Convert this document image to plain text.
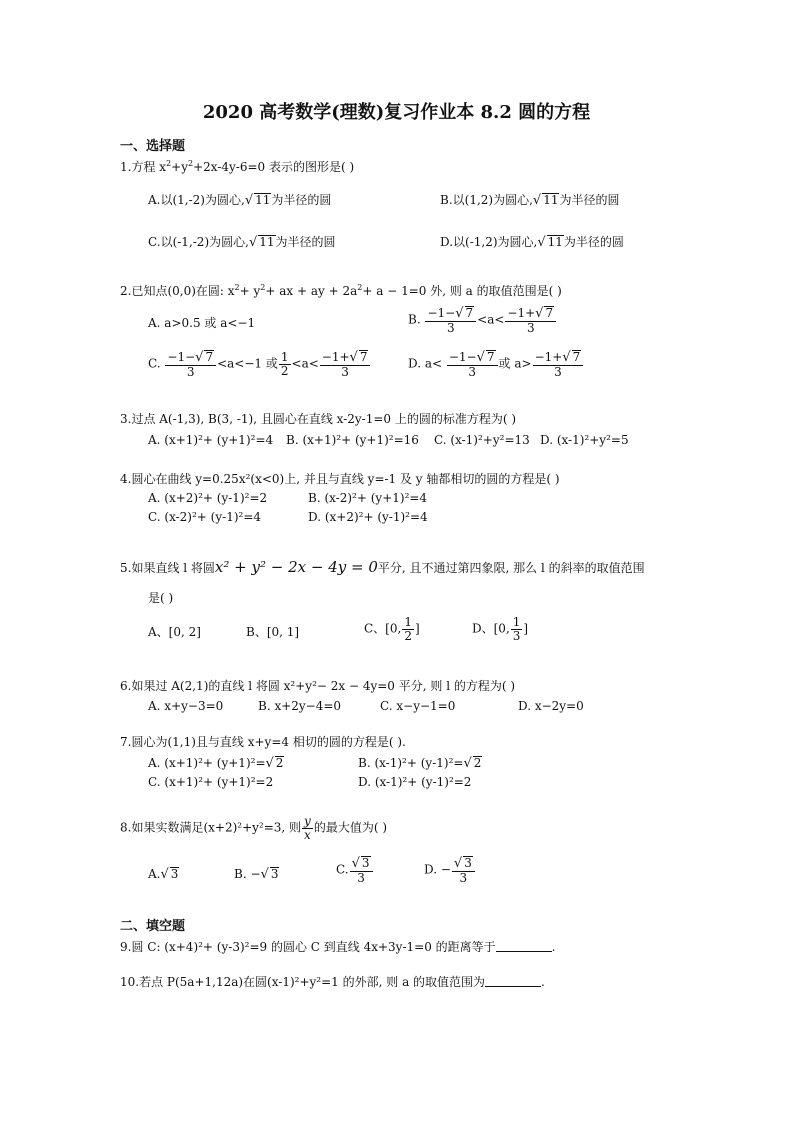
2020 高考数学(理数)复习作业本 8.2 圆的方程
一、选择题
1.方程 $x^2+y^2+2x-4y-6=0$ 表示的图形是( )
A.以(1,-2)为圆心,√ 11为半径的圆	B.以(1,2)为圆心,√ 11为半径的圆
C.以(-1,-2)为圆心,√ 11为半径的圆	D.以(-1,2)为圆心,√ 11为半径的圆
2.已知点(0,0)在圆: $x^2+ y^2+$ ax + ay + $2a^2+ a - 1=0$ 外, 则 a 的取值范围是( )
A. a>0.5 或 a<−1	B. $\frac{-1-√ 7}{3} <a< \frac{-1+√ 7}{3}$
C. $\frac{-1-√ 7}{3} <a<-1$ 或 $\frac{1}{2} <a< \frac{-1+√ 7}{3}$	D. $a< \frac{-1-√ 7}{3}$ 或 $a> \frac{-1+√ 7}{3}$
3.过点 A(-1,3), B(3, -1), 且圆心在直线 x-2y-1=0 上的圆的标准方程为( )
A. (x+1)²+ (y+1)²=4 B. (x+1)²+ (y+1)²=16 C. (x-1)²+y²=13 D. (x-1)²+y²=5
4.圆心在曲线 y=0.25x²(x<0)上, 并且与直线 y=-1 及 y 轴都相切的圆的方程是( )
A. (x+2)²+ (y-1)²=2	B. (x-2)²+ (y+1)²=4
C. (x-2)²+ (y-1)²=4	D. (x+2)²+ (y-1)²=4
5.如果直线 l 将圆x² + y² − 2x − 4y = 0平分, 且不通过第四象限, 那么 l 的斜率的取值范围
是( )
A、[0, 2]	B、[0, 1]	C、[0, $\frac{1}{2}$ ]	D、[0, $\frac{1}{3}$ ]
6.如果过 A(2,1)的直线 l 将圆 x²+y²− 2x − 4y=0 平分, 则 l 的方程为( )
A. x+y−3=0	B. x+2y−4=0	C. x−y−1=0	D. x−2y=0
7.圆心为(1,1)且与直线 x+y=4 相切的圆的方程是( ).
A. (x+1)²+ (y+1)²=√ 2	B. (x-1)²+ (y-1)²=√ 2
C. (x+1)²+ (y+1)²=2	D. (x-1)²+ (y-1)²=2
8.如果实数满足(x+2)²+y²=3, 则 $\frac{y}{x}$ 的最大值为( )
A.√ 3	B. −√ 3	C. $\frac{√ 3}{3}$	D. − $\frac{√ 3}{3}$
二、填空题
9.圆 C: (x+4)²+ (y-3)²=9 的圆心 C 到直线 4x+3y-1=0 的距离等于	.
10.若点 P(5a+1,12a)在圆(x-1)²+y²=1 的外部, 则 a 的取值范围为	.
